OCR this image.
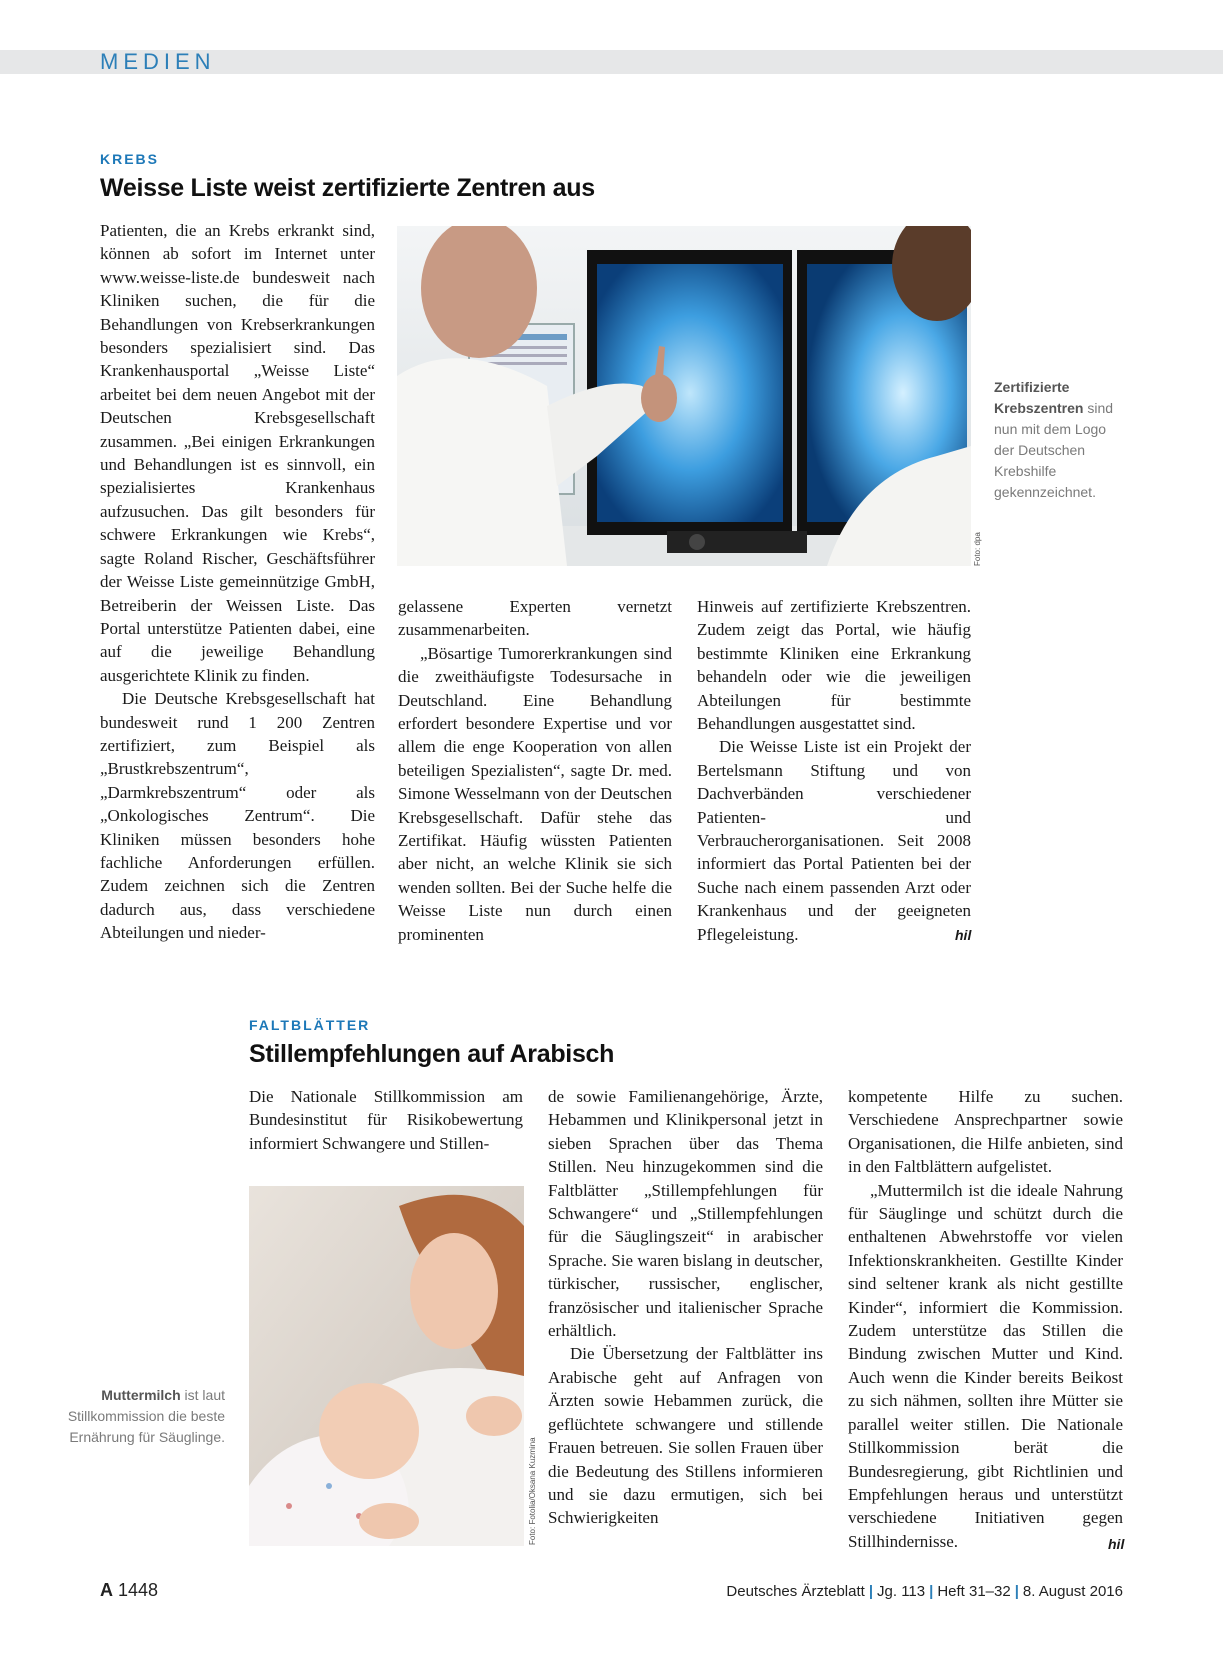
MEDIEN
KREBS
Weisse Liste weist zertifizierte Zentren aus

Patienten, die an Krebs erkrankt sind, können ab sofort im Internet unter www.weisse-liste.de bundesweit nach Kliniken suchen, die für die Behandlungen von Krebserkrankungen besonders spezialisiert sind. Das Krankenhausportal „Weisse Liste“ arbeitet bei dem neuen Angebot mit der Deutschen Krebsgesellschaft zusammen. „Bei einigen Erkrankungen und Behandlungen ist es sinnvoll, ein spezialisiertes Krankenhaus aufzusuchen. Das gilt besonders für schwere Erkrankungen wie Krebs“, sagte Roland Rischer, Geschäftsführer der Weisse Liste gemeinnützige GmbH, Betreiberin der Weissen Liste. Das Portal unterstütze Patienten dabei, eine auf die jeweilige Behandlung ausgerichtete Klinik zu finden.

Die Deutsche Krebsgesellschaft hat bundesweit rund 1 200 Zentren zertifiziert, zum Beispiel als „Brustkrebszentrum“, „Darmkrebszentrum“ oder als „Onkologisches Zentrum“. Die Kliniken müssen besonders hohe fachliche Anforderungen erfüllen. Zudem zeichnen sich die Zentren dadurch aus, dass verschiedene Abteilungen und nieder-

Foto: dpa
Zertifizierte Krebszentren sind nun mit dem Logo der Deutschen Krebshilfe gekennzeichnet.

gelassene Experten vernetzt zusammenarbeiten.

„Bösartige Tumorerkrankungen sind die zweithäufigste Todesursache in Deutschland. Eine Behandlung erfordert besondere Expertise und vor allem die enge Kooperation von allen beteiligen Spezialisten“, sagte Dr. med. Simone Wesselmann von der Deutschen Krebsgesellschaft. Dafür stehe das Zertifikat. Häufig wüssten Patienten aber nicht, an welche Klinik sie sich wenden sollten. Bei der Suche helfe die Weisse Liste nun durch einen prominenten

Hinweis auf zertifizierte Krebszentren. Zudem zeigt das Portal, wie häufig bestimmte Kliniken eine Erkrankung behandeln oder wie die jeweiligen Abteilungen für bestimmte Behandlungen ausgestattet sind.

Die Weisse Liste ist ein Projekt der Bertelsmann Stiftung und von Dachverbänden verschiedener Patienten- und Verbraucherorganisationen. Seit 2008 informiert das Portal Patienten bei der Suche nach einem passenden Arzt oder Krankenhaus und der geeigneten Pflegeleistung.	hil
FALTBLÄTTER
Stillempfehlungen auf Arabisch

Die Nationale Stillkommission am Bundesinstitut für Risikobewertung informiert Schwangere und Stillen-

Foto: Fotolia/Oksana Kuzmina
Muttermilch ist laut Stillkommission die beste Ernährung für Säuglinge.

de sowie Familienangehörige, Ärzte, Hebammen und Klinikpersonal jetzt in sieben Sprachen über das Thema Stillen. Neu hinzugekommen sind die Faltblätter „Stillempfehlungen für Schwangere“ und „Stillempfehlungen für die Säuglingszeit“ in arabischer Sprache. Sie waren bislang in deutscher, türkischer, russischer, englischer, französischer und italienischer Sprache erhältlich.

Die Übersetzung der Faltblätter ins Arabische geht auf Anfragen von Ärzten sowie Hebammen zurück, die geflüchtete schwangere und stillende Frauen betreuen. Sie sollen Frauen über die Bedeutung des Stillens informieren und sie dazu ermutigen, sich bei Schwierigkeiten

kompetente Hilfe zu suchen. Verschiedene Ansprechpartner sowie Organisationen, die Hilfe anbieten, sind in den Faltblättern aufgelistet.

„Muttermilch ist die ideale Nahrung für Säuglinge und schützt durch die enthaltenen Abwehrstoffe vor vielen Infektionskrankheiten. Gestillte Kinder sind seltener krank als nicht gestillte Kinder“, informiert die Kommission. Zudem unterstütze das Stillen die Bindung zwischen Mutter und Kind. Auch wenn die Kinder bereits Beikost zu sich nähmen, sollten ihre Mütter sie parallel weiter stillen. Die Nationale Stillkommission berät die Bundesregierung, gibt Richtlinien und Empfehlungen heraus und unterstützt verschiedene Initiativen gegen Stillhindernisse.	hil
A 1448	Deutsches Ärzteblatt | Jg. 113 | Heft 31–32 | 8. August 2016
